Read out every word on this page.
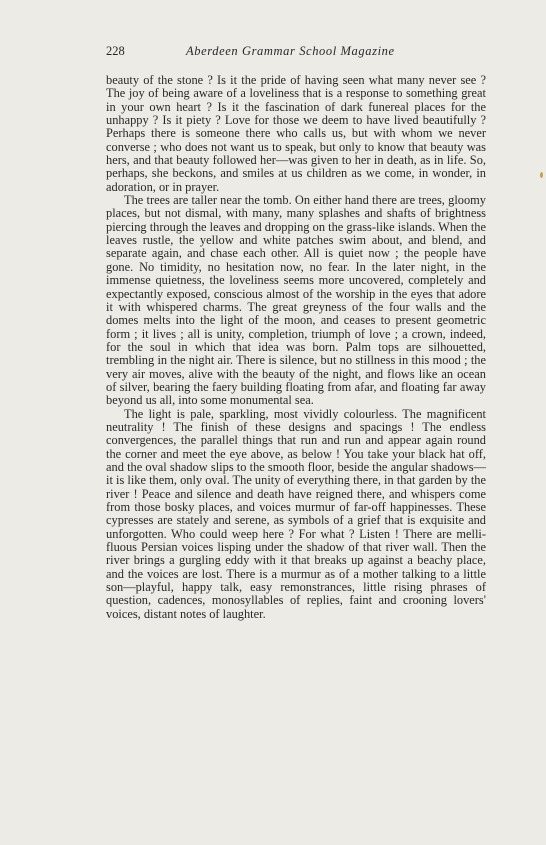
228	Aberdeen Grammar School Magazine

beauty of the stone ? Is it the pride of having seen what many never see ? The joy of being aware of a loveliness that is a response to something great in your own heart ? Is it the fascination of dark funereal places for the unhappy ? Is it piety ? Love for those we deem to have lived beautifully ? Perhaps there is someone there who calls us, but with whom we never converse ; who does not want us to speak, but only to know that beauty was hers, and that beauty followed her—was given to her in death, as in life. So, perhaps, she beckons, and smiles at us children as we come, in wonder, in adoration, or in prayer.

The trees are taller near the tomb. On either hand there are trees, gloomy places, but not dismal, with many, many splashes and shafts of brightness piercing through the leaves and dropping on the grass-like islands. When the leaves rustle, the yellow and white patches swim about, and blend, and separate again, and chase each other. All is quiet now ; the people have gone. No timidity, no hesitation now, no fear. In the later night, in the immense quietness, the loveliness seems more uncovered, completely and expectantly exposed, conscious almost of the worship in the eyes that adore it with whispered charms. The great greyness of the four walls and the domes melts into the light of the moon, and ceases to present geometric form ; it lives ; all is unity, completion, triumph of love ; a crown, indeed, for the soul in which that idea was born. Palm tops are silhouetted, trembling in the night air. There is silence, but no stillness in this mood ; the very air moves, alive with the beauty of the night, and flows like an ocean of silver, bearing the faery building floating from afar, and floating far away beyond us all, into some monumental sea.

The light is pale, sparkling, most vividly colourless. The magnificent neutrality ! The finish of these designs and spacings ! The endless convergences, the parallel things that run and run and appear again round the corner and meet the eye above, as below ! You take your black hat off, and the oval shadow slips to the smooth floor, beside the angular shadows—it is like them, only oval. The unity of everything there, in that garden by the river ! Peace and silence and death have reigned there, and whispers come from those bosky places, and voices murmur of far-off happinesses. These cypresses are stately and serene, as symbols of a grief that is exquisite and unforgotten. Who could weep here ? For what ? Listen ! There are melli-fluous Persian voices lisping under the shadow of that river wall. Then the river brings a gurgling eddy with it that breaks up against a beachy place, and the voices are lost. There is a murmur as of a mother talking to a little son—playful, happy talk, easy remonstrances, little rising phrases of question, cadences, monosyllables of replies, faint and crooning lovers' voices, distant notes of laughter.
